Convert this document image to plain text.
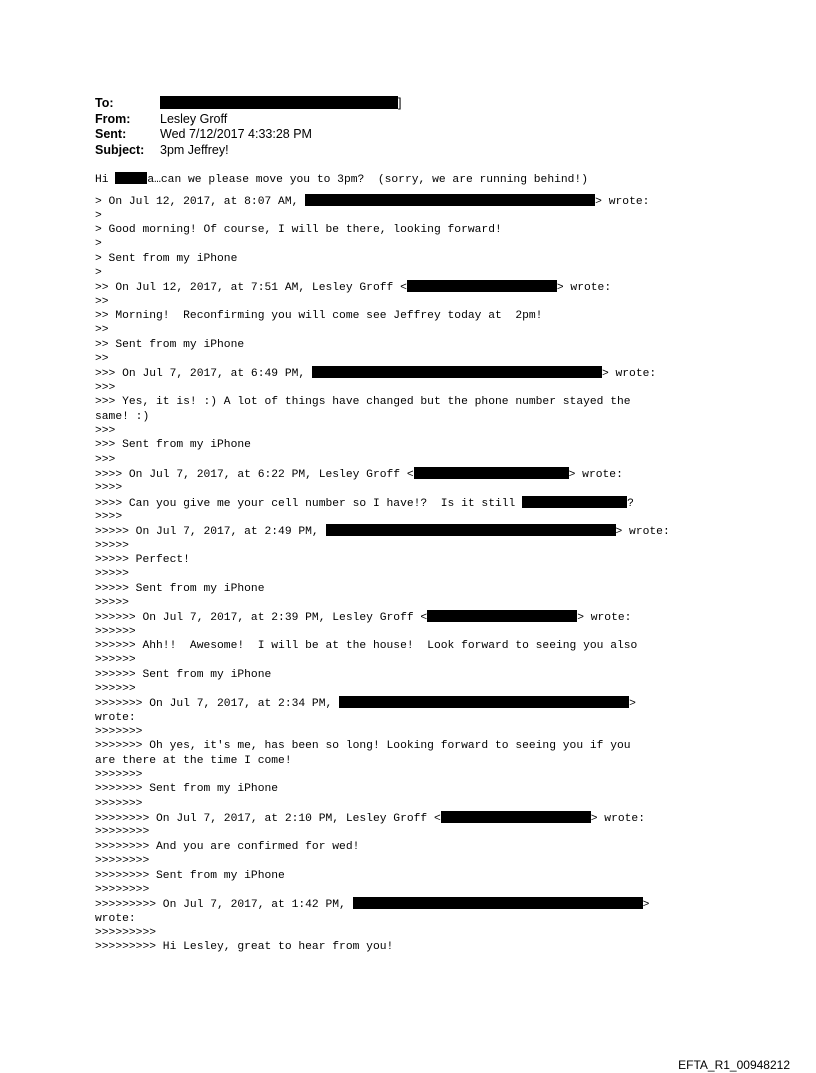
To:	]
From: Lesley Groff
Sent:	Wed 7/12/2017 4:33:28 PM
Subject: 3pm Jeffrey!
Hi	a…can we please move you to 3pm?  (sorry, we are running behind!)
> On Jul 12, 2017, at 8:07 AM,	> wrote:
>
> Good morning! Of course, I will be there, looking forward!
>
> Sent from my iPhone
>
>> On Jul 12, 2017, at 7:51 AM, Lesley Groff <	> wrote:
>>
>> Morning!  Reconfirming you will come see Jeffrey today at  2pm!
>>
>> Sent from my iPhone
>>
>>> On Jul 7, 2017, at 6:49 PM,	> wrote:
>>>
>>> Yes, it is! :) A lot of things have changed but the phone number stayed the
same! :)
>>>
>>> Sent from my iPhone
>>>
>>>> On Jul 7, 2017, at 6:22 PM, Lesley Groff <	> wrote:
>>>>
>>>> Can you give me your cell number so I have!?  Is it still	?
>>>>
>>>>> On Jul 7, 2017, at 2:49 PM,	> wrote:
>>>>>
>>>>> Perfect!
>>>>>
>>>>> Sent from my iPhone
>>>>>
>>>>>> On Jul 7, 2017, at 2:39 PM, Lesley Groff <	> wrote:
>>>>>>
>>>>>> Ahh!!  Awesome!  I will be at the house!  Look forward to seeing you also
>>>>>>
>>>>>> Sent from my iPhone
>>>>>>
>>>>>>> On Jul 7, 2017, at 2:34 PM,	>
wrote:
>>>>>>>
>>>>>>> Oh yes, it's me, has been so long! Looking forward to seeing you if you
are there at the time I come!
>>>>>>>
>>>>>>> Sent from my iPhone
>>>>>>>
>>>>>>>> On Jul 7, 2017, at 2:10 PM, Lesley Groff <	> wrote:
>>>>>>>>
>>>>>>>> And you are confirmed for wed!
>>>>>>>>
>>>>>>>> Sent from my iPhone
>>>>>>>>
>>>>>>>>> On Jul 7, 2017, at 1:42 PM,	>
wrote:
>>>>>>>>>
>>>>>>>>> Hi Lesley, great to hear from you!
EFTA_R1_00948212
